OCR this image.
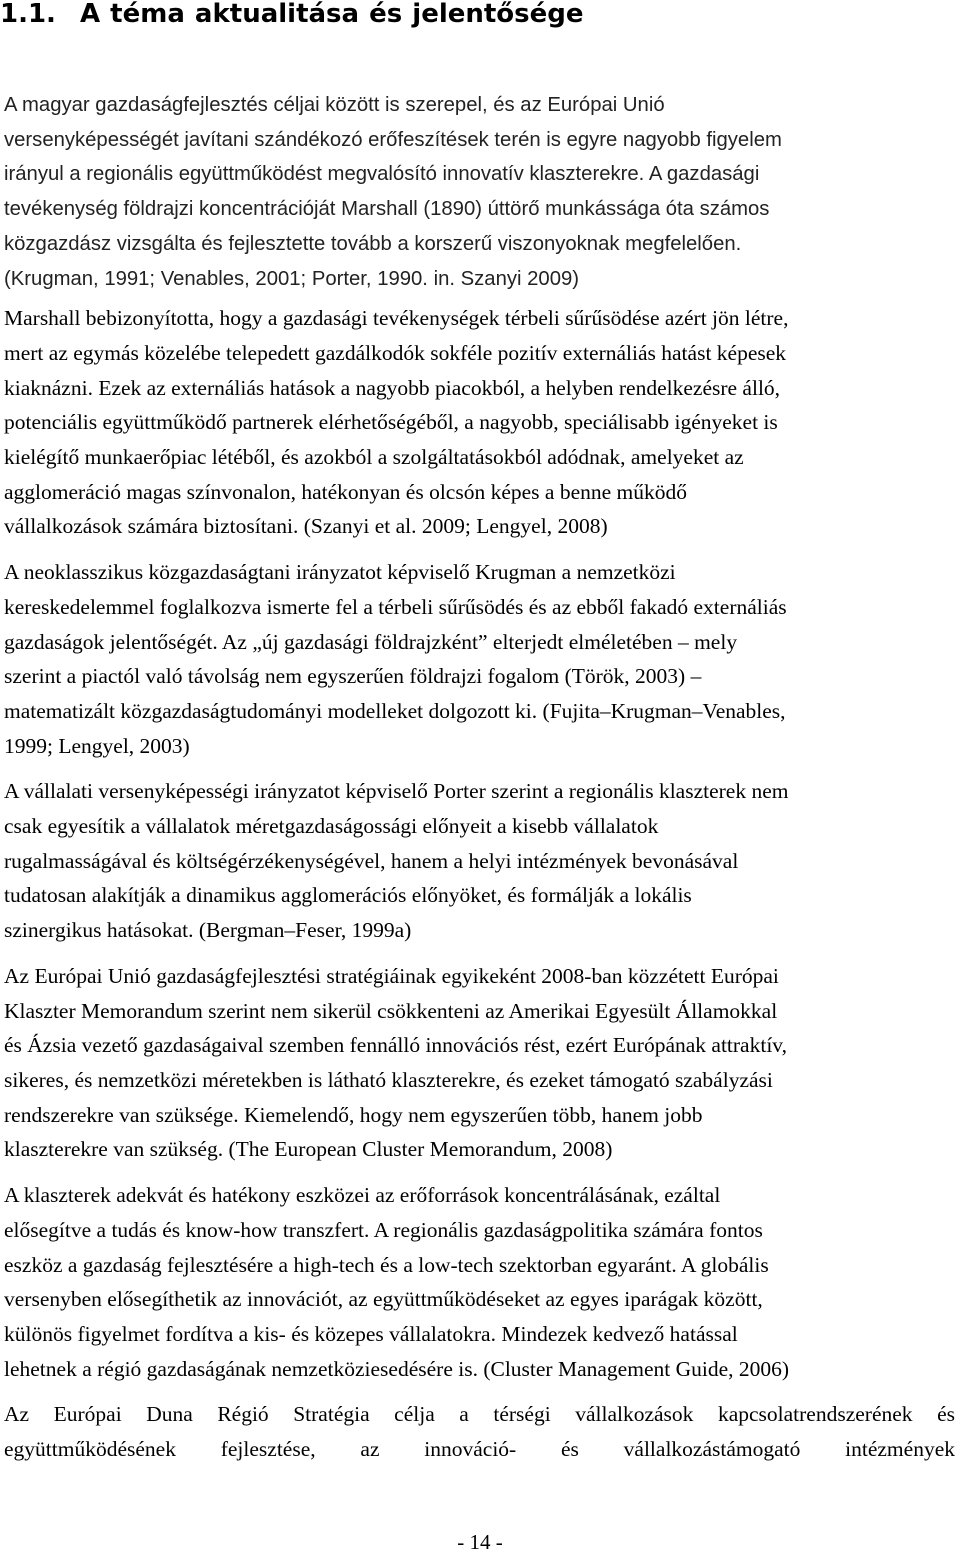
1.1. A téma aktualitása és jelentősége

A magyar gazdaságfejlesztés céljai között is szerepel, és az Európai Unió
versenyképességét javítani szándékozó erőfeszítések terén is egyre nagyobb figyelem
irányul a regionális együttműködést megvalósító innovatív klaszterekre. A gazdasági
tevékenység földrajzi koncentrációját Marshall (1890) úttörő munkássága óta számos
közgazdász vizsgálta és fejlesztette tovább a korszerű viszonyoknak megfelelően.
(Krugman, 1991; Venables, 2001; Porter, 1990. in. Szanyi 2009)

Marshall bebizonyította, hogy a gazdasági tevékenységek térbeli sűrűsödése azért jön létre,
mert az egymás közelébe telepedett gazdálkodók sokféle pozitív externáliás hatást képesek
kiaknázni. Ezek az externáliás hatások a nagyobb piacokból, a helyben rendelkezésre álló,
potenciális együttműködő partnerek elérhetőségéből, a nagyobb, speciálisabb igényeket is
kielégítő munkaerőpiac létéből, és azokból a szolgáltatásokból adódnak, amelyeket az
agglomeráció magas színvonalon, hatékonyan és olcsón képes a benne működő
vállalkozások számára biztosítani. (Szanyi et al. 2009; Lengyel, 2008)

A neoklasszikus közgazdaságtani irányzatot képviselő Krugman a nemzetközi
kereskedelemmel foglalkozva ismerte fel a térbeli sűrűsödés és az ebből fakadó externáliás
gazdaságok jelentőségét. Az „új gazdasági földrajzként” elterjedt elméletében – mely
szerint a piactól való távolság nem egyszerűen földrajzi fogalom (Török, 2003) –
matematizált közgazdaságtudományi modelleket dolgozott ki. (Fujita–Krugman–Venables,
1999; Lengyel, 2003)

A vállalati versenyképességi irányzatot képviselő Porter szerint a regionális klaszterek nem
csak egyesítik a vállalatok méretgazdaságossági előnyeit a kisebb vállalatok
rugalmasságával és költségérzékenységével, hanem a helyi intézmények bevonásával
tudatosan alakítják a dinamikus agglomerációs előnyöket, és formálják a lokális
szinergikus hatásokat. (Bergman–Feser, 1999a)

Az Európai Unió gazdaságfejlesztési stratégiáinak egyikeként 2008-ban közzétett Európai
Klaszter Memorandum szerint nem sikerül csökkenteni az Amerikai Egyesült Államokkal
és Ázsia vezető gazdaságaival szemben fennálló innovációs rést, ezért Európának attraktív,
sikeres, és nemzetközi méretekben is látható klaszterekre, és ezeket támogató szabályzási
rendszerekre van szüksége. Kiemelendő, hogy nem egyszerűen több, hanem jobb
klaszterekre van szükség. (The European Cluster Memorandum, 2008)

A klaszterek adekvát és hatékony eszközei az erőforrások koncentrálásának, ezáltal
elősegítve a tudás és know-how transzfert. A regionális gazdaságpolitika számára fontos
eszköz a gazdaság fejlesztésére a high-tech és a low-tech szektorban egyaránt. A globális
versenyben elősegíthetik az innovációt, az együttműködéseket az egyes iparágak között,
különös figyelmet fordítva a kis- és közepes vállalatokra. Mindezek kedvező hatással
lehetnek a régió gazdaságának nemzetköziesedésére is. (Cluster Management Guide, 2006)

Az Európai Duna Régió Stratégia célja a térségi vállalkozások kapcsolatrendszerének és
együttműködésének fejlesztése, az innováció- és vállalkozástámogató intézmények

- 14 -
